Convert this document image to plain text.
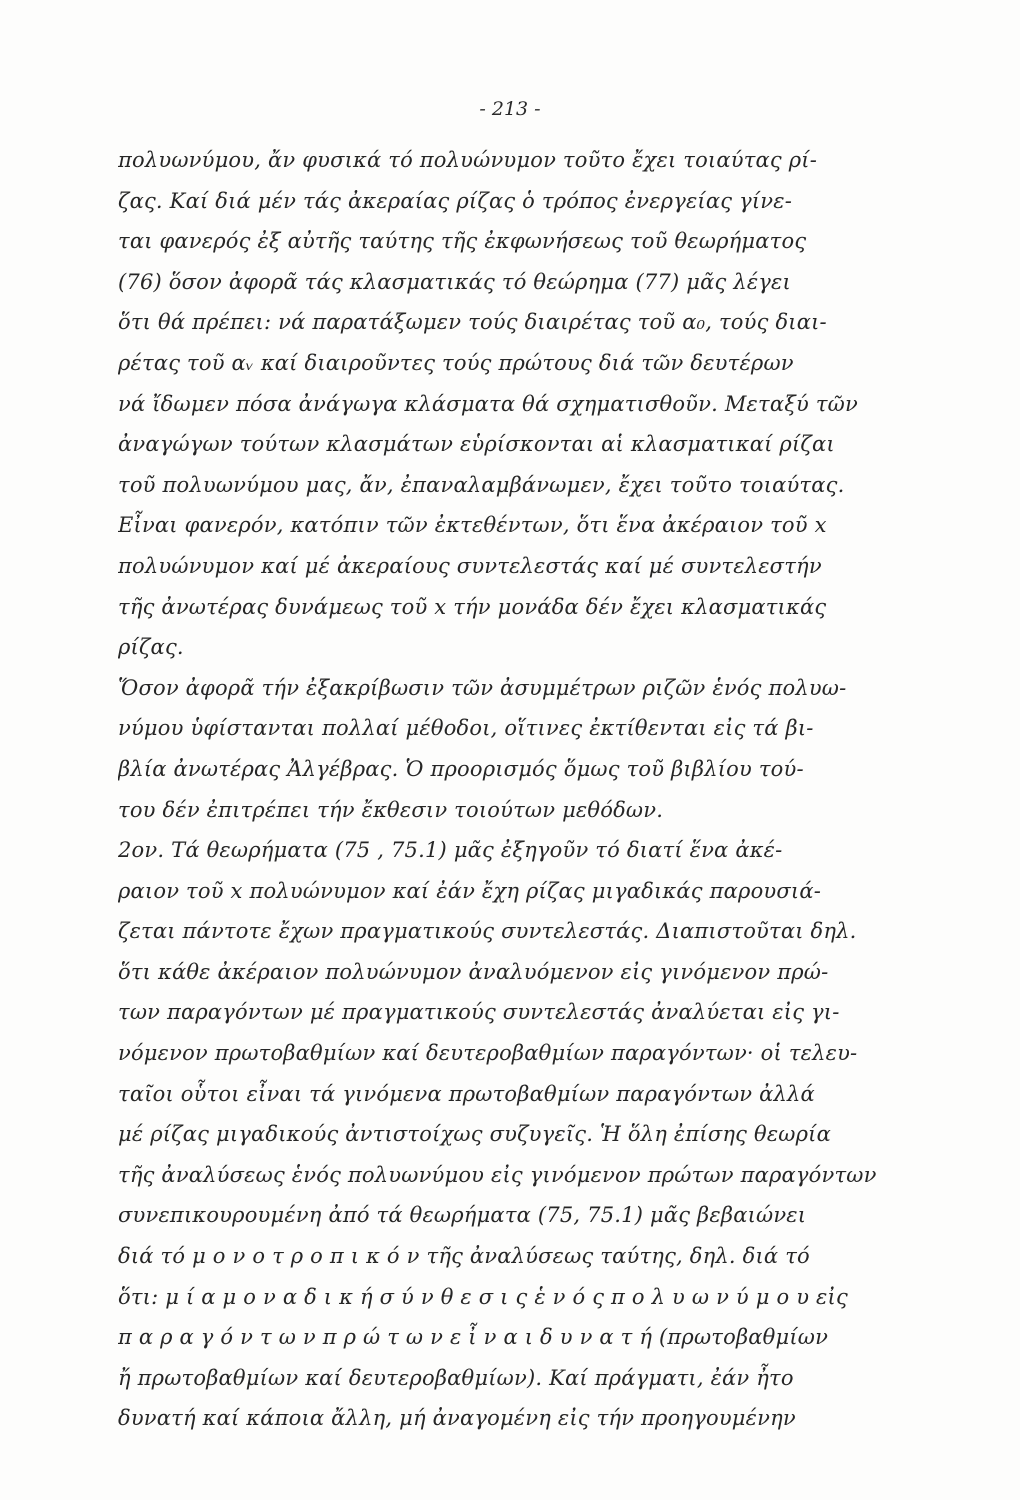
- 213 -
πολυωνύμου, ἄν φυσικά τό πολυώνυμον τοῦτο ἔχει τοιαύτας ρί-
ζας. Καί διά μέν τάς ἀκεραίας ρίζας ὁ τρόπος ἐνεργείας γίνε-
ται φανερός ἐξ αὐτῆς ταύτης τῆς ἐκφωνήσεως τοῦ θεωρήματος
(76) ὅσον ἀφορᾶ τάς κλασματικάς τό θεώρημα (77) μᾶς λέγει
ὅτι θά πρέπει: νά παρατάξωμεν τούς διαιρέτας τοῦ α₀, τούς διαι-
ρέτας τοῦ αᵥ καί διαιροῦντες τούς πρώτους διά τῶν δευτέρων
νά ἴδωμεν πόσα ἀνάγωγα κλάσματα θά σχηματισθοῦν. Μεταξύ τῶν
ἀναγώγων τούτων κλασμάτων εὑρίσκονται αἱ κλασματικαί ρίζαι
τοῦ πολυωνύμου μας, ἄν, ἐπαναλαμβάνωμεν, ἔχει τοῦτο τοιαύτας.
Εἶναι φανερόν, κατόπιν τῶν ἐκτεθέντων, ὅτι ἕνα ἀκέραιον τοῦ x
πολυώνυμον καί μέ ἀκεραίους συντελεστάς καί μέ συντελεστήν
τῆς ἀνωτέρας δυνάμεως τοῦ x τήν μονάδα δέν ἔχει κλασματικάς
ρίζας.
Ὅσον ἀφορᾶ τήν ἐξακρίβωσιν τῶν ἀσυμμέτρων ριζῶν ἑνός πολυω-
νύμου ὑφίστανται πολλαί μέθοδοι, οἵτινες ἐκτίθενται εἰς τά βι-
βλία ἀνωτέρας Ἀλγέβρας. Ὁ προορισμός ὅμως τοῦ βιβλίου τού-
του δέν ἐπιτρέπει τήν ἔκθεσιν τοιούτων μεθόδων.
2ον. Τά θεωρήματα (75 , 75.1) μᾶς ἐξηγοῦν τό διατί ἕνα ἀκέ-
ραιον τοῦ x πολυώνυμον καί ἐάν ἔχη ρίζας μιγαδικάς παρουσιά-
ζεται πάντοτε ἔχων πραγματικούς συντελεστάς. Διαπιστοῦται δηλ.
ὅτι κάθε ἀκέραιον πολυώνυμον ἀναλυόμενον εἰς γινόμενον πρώ-
των παραγόντων μέ πραγματικούς συντελεστάς ἀναλύεται εἰς γι-
νόμενον πρωτοβαθμίων καί δευτεροβαθμίων παραγόντων· οἱ τελευ-
ταῖοι οὗτοι εἶναι τά γινόμενα πρωτοβαθμίων παραγόντων ἀλλά
μέ ρίζας μιγαδικούς ἀντιστοίχως συζυγεῖς. Ἡ ὅλη ἐπίσης θεωρία
τῆς ἀναλύσεως ἑνός πολυωνύμου εἰς γινόμενον πρώτων παραγόντων
συνεπικουρουμένη ἀπό τά θεωρήματα (75, 75.1) μᾶς βεβαιώνει
διά τό μ ο ν ο τ ρ ο π ι κ ό ν τῆς ἀναλύσεως ταύτης, δηλ. διά τό
ὅτι: μ ί α μ ο ν α δ ι κ ή σ ύ ν θ ε σ ι ς ἑ ν ό ς π ο λ υ ω ν ύ μ ο υ εἰς
π α ρ α γ ό ν τ ω ν π ρ ώ τ ω ν ε ἶ ν α ι δ υ ν α τ ή (πρωτοβαθμίων
ἤ πρωτοβαθμίων καί δευτεροβαθμίων). Καί πράγματι, ἐάν ἦτο
δυνατή καί κάποια ἄλλη, μή ἀναγομένη εἰς τήν προηγουμένην
